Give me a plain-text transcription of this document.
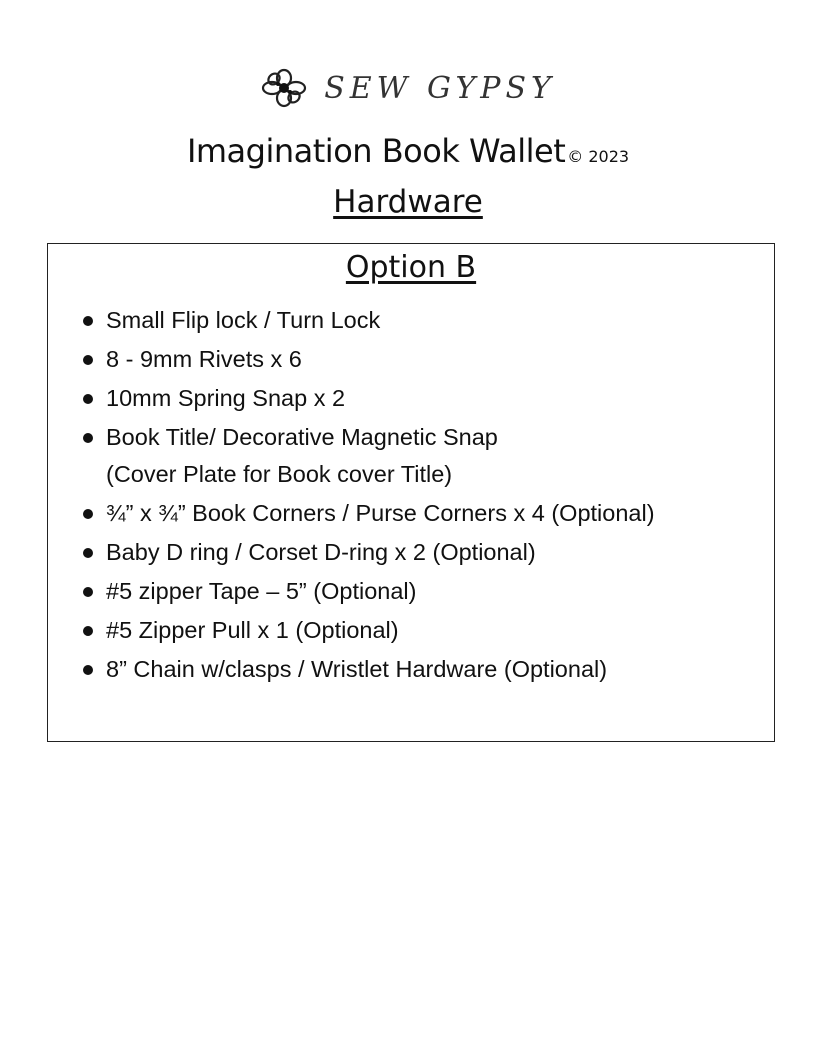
SEW GYPSY
Imagination Book Wallet © 2023
Hardware
Option B
Small Flip lock / Turn Lock
8 - 9mm Rivets x 6
10mm Spring Snap x 2
Book Title/ Decorative Magnetic Snap
(Cover Plate for Book cover Title)
¾” x ¾” Book Corners / Purse Corners x 4 (Optional)
Baby D ring / Corset D-ring x 2 (Optional)
#5 zipper Tape – 5” (Optional)
#5 Zipper Pull x 1 (Optional)
8” Chain w/clasps / Wristlet Hardware (Optional)
